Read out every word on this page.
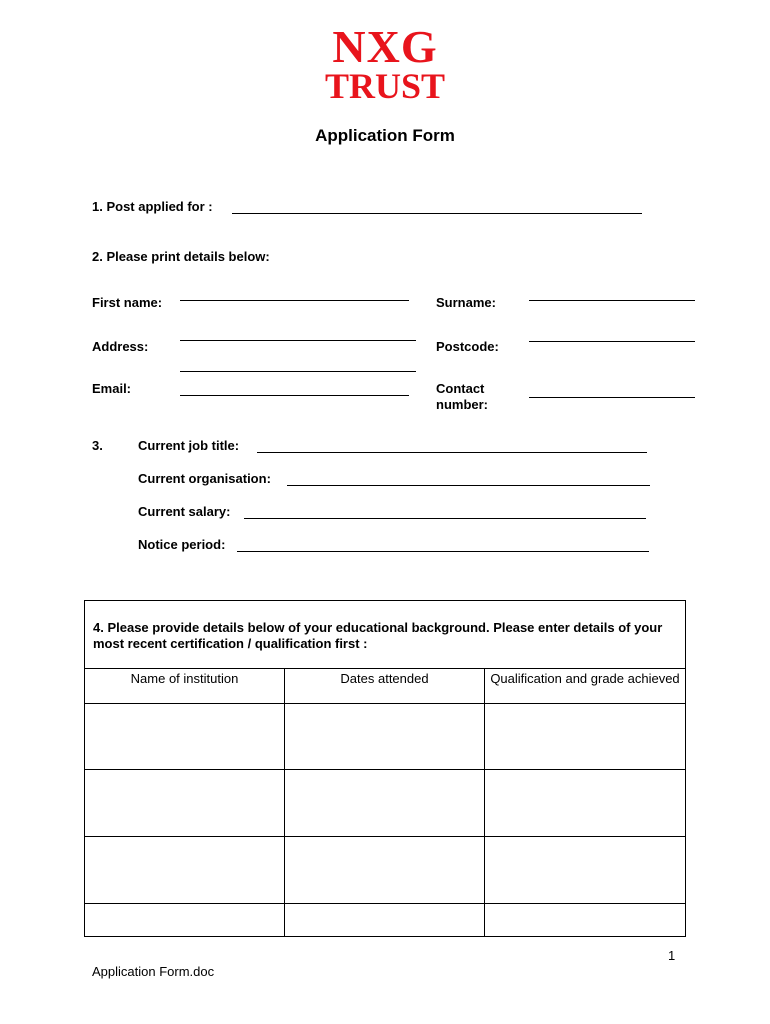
NXG
TRUST
Application Form
1. Post applied for :
2. Please print details below:
First name:	Surname:
Address:	Postcode:
Email:	Contact
number:
3.	Current job title:
Current organisation:
Current salary:
Notice period:
4. Please provide details below of your educational background. Please enter details of your most recent certification / qualification first :		
Name of institution	Dates attended	Qualification and grade achieved

1
Application Form.doc
